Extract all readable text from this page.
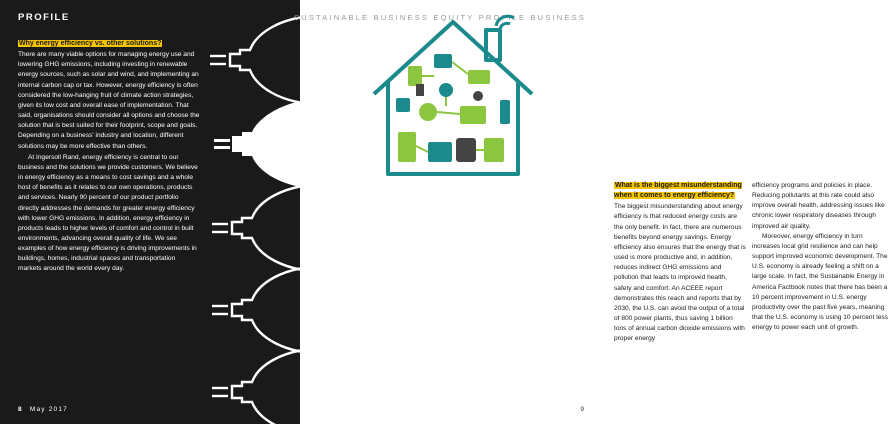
PROFILE
Why energy efficiency vs. other solutions?

There are many viable options for managing energy use and lowering GHG emissions, including investing in renewable energy sources, such as solar and wind, and implementing an internal carbon cap or tax. However, energy efficiency is often considered the low-hanging fruit of climate action strategies, given its low cost and overall ease of implementation. That said, organisations should consider all options and choose the solution that is best suited for their footprint, scope and goals. Depending on a business' industry and location, different solutions may be more effective than others.

At Ingersoll Rand, energy efficiency is central to our business and the solutions we provide customers. We believe in energy efficiency as a means to cost savings and a whole host of benefits as it relates to our own operations, products and services. Nearly 90 percent of our product portfolio directly addresses the demands for greater energy efficiency with lower GHG emissions. In addition, energy efficiency in products leads to higher levels of comfort and control in built environments, advancing overall quality of life. We see examples of how energy efficiency is driving improvements in buildings, homes, industrial spaces and transportation markets around the world every day.

8 May 2017
SUSTAINABLE BUSINESS EQUITY PROFILE BUSINESS
What is the biggest misunderstanding when it comes to energy efficiency?

The biggest misunderstanding about energy efficiency is that reduced energy costs are the only benefit. In fact, there are numerous benefits beyond energy savings. Energy efficiency also ensures that the energy that is used is more productive and, in addition, reduces indirect GHG emissions and pollution that leads to improved health, safety and comfort. An ACEEE report demonstrates this reach and reports that by 2030, the U.S. can avoid the output of a total of 800 power plants, thus saving 1 billion tons of annual carbon dioxide emissions with proper energy

efficiency programs and policies in place. Reducing pollutants at this rate could also improve overall health, addressing issues like chronic lower respiratory diseases through improved air quality.

Moreover, energy efficiency in turn increases local grid resilience and can help support improved economic development. The U.S. economy is already feeling a shift on a large scale. In fact, the Sustainable Energy in America Factbook notes that there has been a 10 percent improvement in U.S. energy productivity over the past five years, meaning that the U.S. economy is using 10 percent less energy to power each unit of growth.

9
